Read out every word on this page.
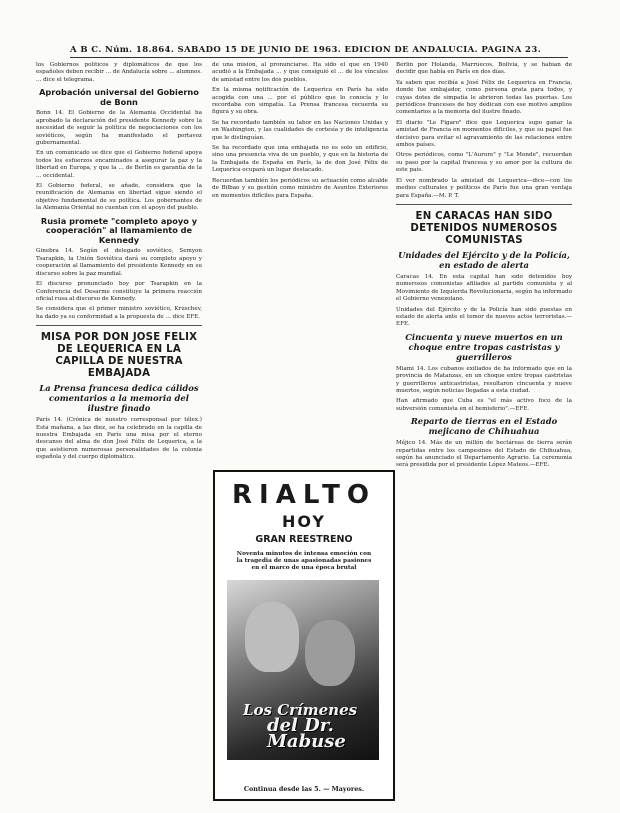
A B C. Núm. 18.864. SABADO 15 DE JUNIO DE 1963. EDICION DE ANDALUCIA. PAGINA 23.

los Gobiernos políticos y diplomáticos de que los españoles deben recibir ... de Andalucía sobre ... alumnos. ... dice el telegrama.

Aprobación universal del Gobierno de Bonn

Bonn 14. El Gobierno de la Alemania Occidental ha aprobado la declaración del presidente Kennedy sobre la necesidad de seguir la política de negociaciones con los soviéticos, según ha manifestado el portavoz gubernamental.

En un comunicado se dice que el Gobierno federal apoya todos los esfuerzos encaminados a asegurar la paz y la libertad en Europa, y que la ... de Berlín es garantía de la ... occidental.

El Gobierno federal, se añade, considera que la reunificación de Alemania en libertad sigue siendo el objetivo fundamental de su política. Los gobernantes de la Alemania Oriental no cuentan con el apoyo del pueblo.

Rusia promete "completo apoyo y cooperación" al llamamiento de Kennedy

Ginebra 14. Según el delegado soviético, Semyon Tsarapkin, la Unión Soviética dará su completo apoyo y cooperación al llamamiento del presidente Kennedy en su discurso sobre la paz mundial.

El discurso pronunciado hoy por Tsarapkin en la Conferencia del Desarme constituye la primera reacción oficial rusa al discurso de Kennedy.

Se considera que el primer ministro soviético, Kruschev, ha dado ya su conformidad a la propuesta de ... dice EFE.

MISA POR DON JOSE FELIX DE LEQUERICA EN LA CAPILLA DE NUESTRA EMBAJADA
La Prensa francesa dedica cálidos comentarios a la memoria del ilustre finado

París 14. (Crónica de nuestro corresponsal por télex.) Esta mañana, a las diez, se ha celebrado en la capilla de nuestra Embajada en París una misa por el eterno descanso del alma de don José Félix de Lequerica, a la que asistieron numerosas personalidades de la colonia española y del cuerpo diplomático.

de una misión, al pronunciarse. Ha sido el que en 1940 acudió a la Embajada ... y que consiguió el ... de los vínculos de amistad entre los dos pueblos.

En la misma notificación de Lequerica en París ha sido acogida con una ... por el público que lo conocía y lo recordaba con simpatía. La Prensa francesa recuerda su figura y su obra.

Se ha recordado también su labor en las Naciones Unidas y en Washington, y las cualidades de cortesía y de inteligencia que le distinguían.

Se ha recordado que una embajada no es solo un edificio, sino una presencia viva de un pueblo, y que en la historia de la Embajada de España en París, la de don José Félix de Lequerica ocupará un lugar destacado.

Recuerdan también los periódicos su actuación como alcalde de Bilbao y su gestión como ministro de Asuntos Exteriores en momentos difíciles para España.

RIALTO
HOY
GRAN REESTRENO
Noventa minutos de intensa emoción con la tragedia de unas apasionadas pasiones en el marco de una época brutal
Los Crímenes
del Dr. Mabuse
Continua desde las 5. — Mayores.

Berlín por Holanda, Marruecos, Bolivia, y se habían de decidir que había en París en dos días.

Ya saben que recibía a José Félix de Lequerica en Francia, donde fue embajador, como persona grata para todos, y cuyas dotes de simpatía le abrieron todas las puertas. Los periódicos franceses de hoy dedican con ese motivo amplios comentarios a la memoria del ilustre finado.

El diario "Le Figaro" dice que Lequerica supo ganar la amistad de Francia en momentos difíciles, y que su papel fue decisivo para evitar el agravamiento de las relaciones entre ambos países.

Otros periódicos, como "L'Aurore" y "Le Monde", recuerdan su paso por la capital francesa y su amor por la cultura de este país.

El ver nombrado la amistad de Lequerica—dice—con los medios culturales y políticos de París fue una gran ventaja para España.—M. P. T.

EN CARACAS HAN SIDO DETENIDOS NUMEROSOS COMUNISTAS
Unidades del Ejército y de la Policía, en estado de alerta

Caracas 14. En esta capital han sido detenidos hoy numerosos comunistas afiliados al partido comunista y al Movimiento de Izquierda Revolucionaria, según ha informado el Gobierno venezolano.

Unidades del Ejército y de la Policía han sido puestas en estado de alerta ante el temor de nuevos actos terroristas.—EFE.

Cincuenta y nueve muertos en un choque entre tropas castristas y guerrilleros

Miami 14. Los cubanos exiliados de ha informado que en la provincia de Matanzas, en un choque entre tropas castristas y guerrilleros anticastristas, resultaron cincuenta y nueve muertos, según noticias llegadas a esta ciudad.

Han afirmado que Cuba es "el más activo foco de la subversión comunista en el hemisferio".—EFE.

Reparto de tierras en el Estado mejicano de Chihuahua

Méjico 14. Más de un millón de hectáreas de tierra serán repartidas entre los campesinos del Estado de Chihuahua, según ha anunciado el Departamento Agrario. La ceremonia será presidida por el presidente López Mateos.—EFE.
